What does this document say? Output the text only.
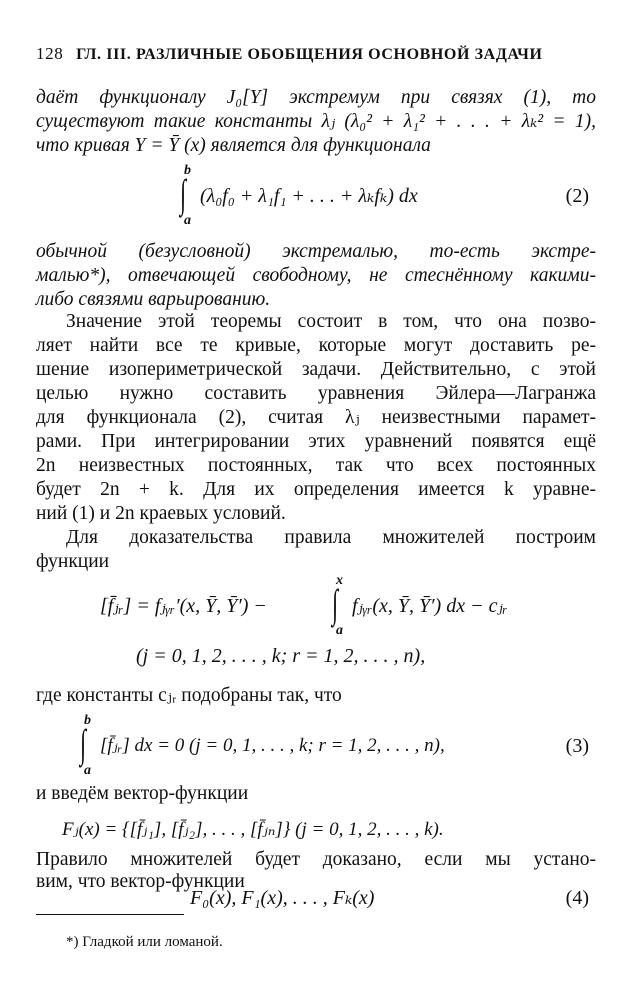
128 ГЛ. III. РАЗЛИЧНЫЕ ОБОБЩЕНИЯ ОСНОВНОЙ ЗАДАЧИ
даёт функционалу J₀[Y] экстремум при связях (1), то
существуют такие константы λⱼ (λ₀² + λ₁² + . . . + λₖ² = 1),
что кривая Y = Ȳ (x) является для функционала
b
∫
a
(λ₀f₀ + λ₁f₁ + . . . + λₖfₖ) dx	(2)
обычной (безусловной) экстремалью, то-есть экстре-
малью*), отвечающей свободному, не стеснённому какими-
либо связями варьированию.
Значение этой теоремы состоит в том, что она позво-
ляет найти все те кривые, которые могут доставить ре-
шение изопериметрической задачи. Действительно, с этой
целью нужно составить уравнения Эйлера—Лагранжа
для функционала (2), считая λⱼ неизвестными парамет-
рами. При интегрировании этих уравнений появятся ещё
2n неизвестных постоянных, так что всех постоянных
будет 2n + k. Для их определения имеется k уравне-
ний (1) и 2n краевых условий.
Для доказательства правила множителей построим
функции
[f̄ⱼᵣ] = fⱼᵧᵣ′(x, Ȳ, Ȳ′) −
x
∫
a
fⱼᵧᵣ(x, Ȳ, Ȳ′) dx − cⱼᵣ
(j = 0, 1, 2, . . . , k; r = 1, 2, . . . , n),
где константы cⱼᵣ подобраны так, что
b
∫
a
[f̄ⱼᵣ] dx = 0 (j = 0, 1, . . . , k; r = 1, 2, . . . , n),	(3)
и введём вектор-функции
Fⱼ(x) = {[f̄ⱼ₁], [f̄ⱼ₂], . . . , [f̄ⱼₙ]} (j = 0, 1, 2, . . . , k).
Правило множителей будет доказано, если мы устано-
вим, что вектор-функции
F₀(x), F₁(x), . . . , Fₖ(x)	(4)
*) Гладкой или ломаной.
